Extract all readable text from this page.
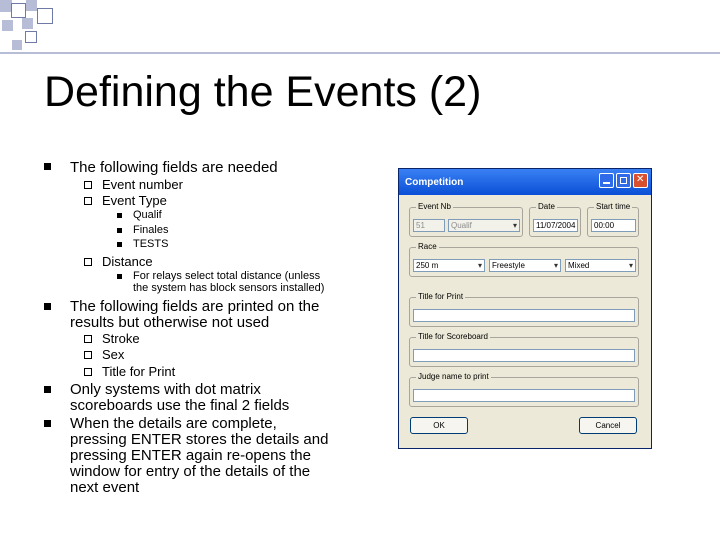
Defining the Events (2)
The following fields are needed
Event number
Event Type
Qualif
Finales
TESTS
Distance
For relays select total distance (unless
the system has block sensors installed)
The following fields are printed on the
results but otherwise not used
Stroke
Sex
Title for Print
Only systems with dot matrix
scoreboards use the final 2 fields
When the details are complete,
pressing ENTER stores the details and
pressing ENTER again re-opens the
window for entry of the details of the
next event
Competition
✕
Event Nb
51	Qualif ▾
Date
11/07/2004
Start time
00:00
Race
250 m ▾	Freestyle ▾	Mixed ▾
Title for Print
Title for Scoreboard
Judge name to print
OK	Cancel
